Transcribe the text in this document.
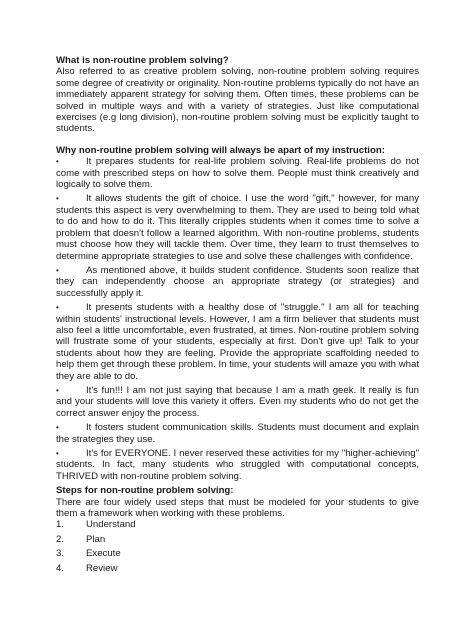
What is non-routine problem solving?

Also referred to as creative problem solving, non-routine problem solving requires some degree of creativity or originality. Non-routine problems typically do not have an immediately apparent strategy for solving them. Often times, these problems can be solved in multiple ways and with a variety of strategies. Just like computational exercises (e.g long division), non-routine problem solving must be explicitly taught to students.

Why non-routine problem solving will always be apart of my instruction:

•	It prepares students for real-life problem solving. Real-life problems do not come with prescribed steps on how to solve them. People must think creatively and logically to solve them.

•	It allows students the gift of choice. I use the word "gift," however, for many students this aspect is very overwhelming to them. They are used to being told what to do and how to do it. This literally cripples students when it comes time to solve a problem that doesn't follow a learned algorithm. With non-routine problems, students must choose how they will tackle them. Over time, they learn to trust themselves to determine appropriate strategies to use and solve these challenges with confidence.

•	As mentioned above, it builds student confidence. Students soon realize that they can independently choose an appropriate strategy (or strategies) and successfully apply it.

•	It presents students with a healthy dose of "struggle." I am all for teaching within students' instructional levels. However, I am a firm believer that students must also feel a little uncomfortable, even frustrated, at times. Non-routine problem solving will frustrate some of your students, especially at first. Don't give up! Talk to your students about how they are feeling. Provide the appropriate scaffolding needed to help them get through these problem. In time, your students will amaze you with what they are able to do.

•	It's fun!!! I am not just saying that because I am a math geek. It really is fun and your students will love this variety it offers. Even my students who do not get the correct answer enjoy the process.

•	It fosters student communication skills. Students must document and explain the strategies they use.

•	It's for EVERYONE. I never reserved these activities for my "higher-achieving" students. In fact, many students who struggled with computational concepts, THRIVED with non-routine problem solving.

Steps for non-routine problem solving:

There are four widely used steps that must be modeled for your students to give them a framework when working with these problems.

1.	Understand
2.	Plan
3.	Execute
4.	Review
